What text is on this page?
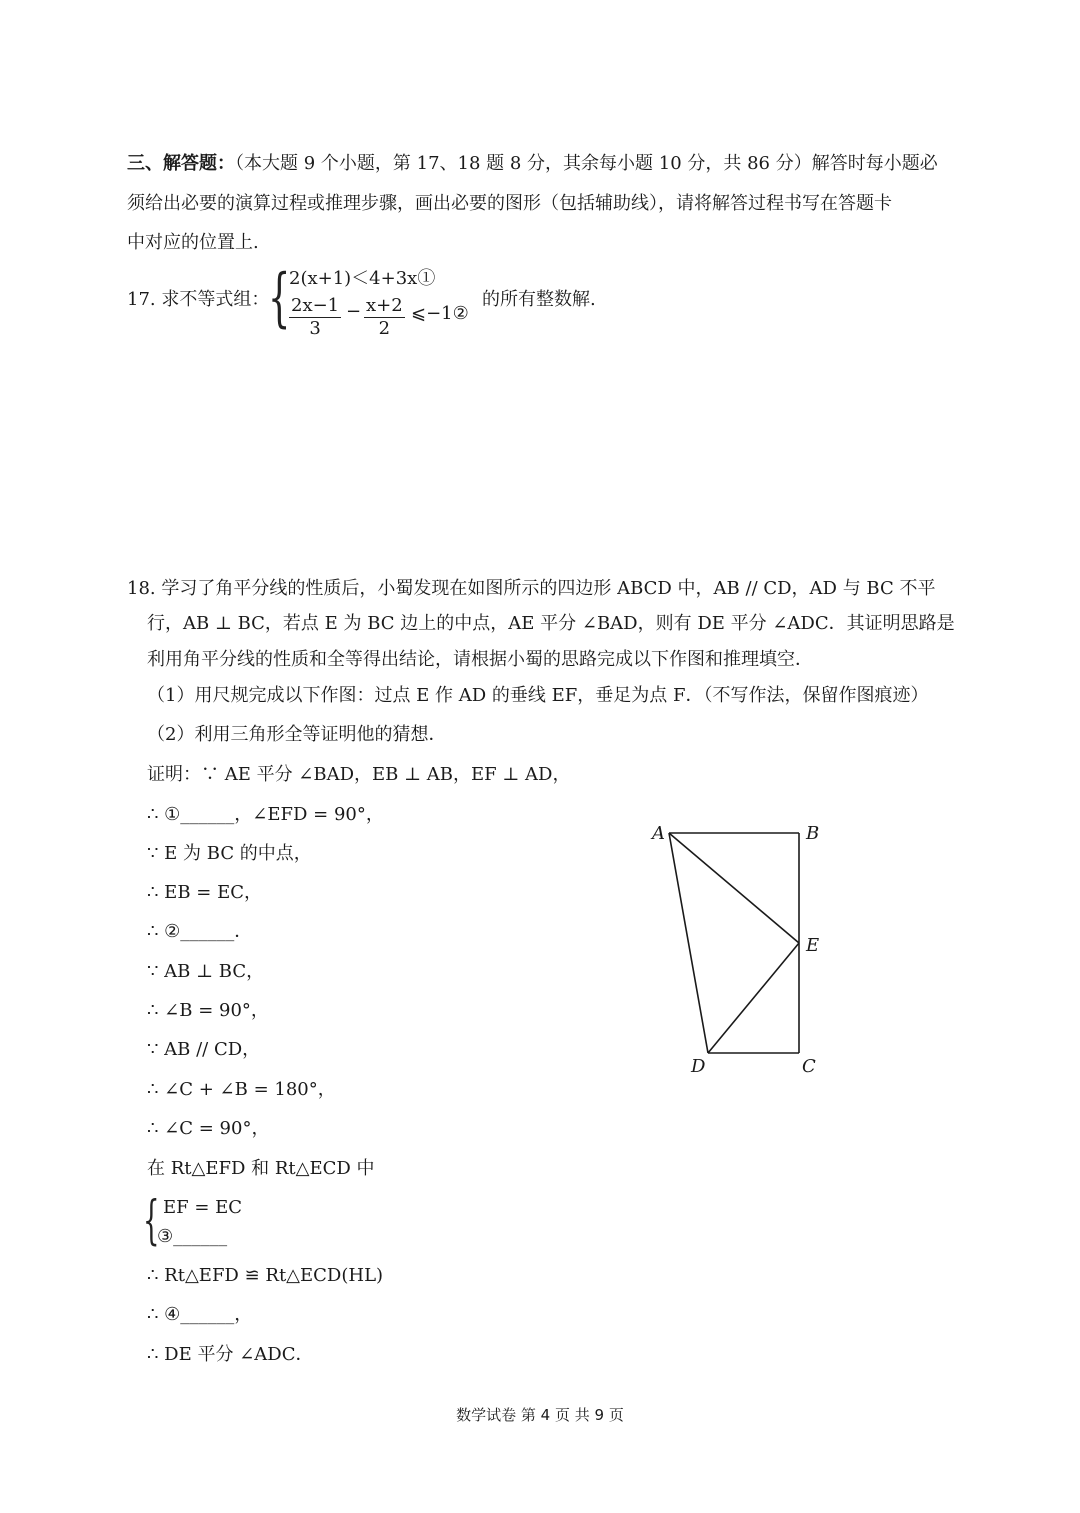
三、解答题：（本大题 9 个小题，第 17、18 题 8 分，其余每小题 10 分，共 86 分）解答时每小题必
须给出必要的演算过程或推理步骤，画出必要的图形（包括辅助线），请将解答过程书写在答题卡
中对应的位置上.
17. 求不等式组：
{
2(x+1)＜4+3x①
$\frac{2x-1}{3} - \frac{x+2}{2}$ ⩽−1②
的所有整数解.
18. 学习了角平分线的性质后，小蜀发现在如图所示的四边形 ABCD 中，AB // CD，AD 与 BC 不平
行，AB ⊥ BC，若点 E 为 BC 边上的中点，AE 平分 ∠BAD，则有 DE 平分 ∠ADC．其证明思路是
利用角平分线的性质和全等得出结论，请根据小蜀的思路完成以下作图和推理填空．
（1）用尺规完成以下作图：过点 E 作 AD 的垂线 EF，垂足为点 F．（不写作法，保留作图痕迹）
（2）利用三角形全等证明他的猜想．
证明：∵ AE 平分 ∠BAD，EB ⊥ AB，EF ⊥ AD，
∴ ①______，∠EFD = 90°，
∵ E 为 BC 的中点，
∴ EB = EC，
∴ ②______．
∵ AB ⊥ BC，
∴ ∠B = 90°，
∵ AB // CD，
∴ ∠C + ∠B = 180°，
∴ ∠C = 90°，
在 Rt△EFD 和 Rt△ECD 中
{ EF = EC
③______
∴ Rt△EFD ≌ Rt△ECD(HL)
∴ ④______，
∴ DE 平分 ∠ADC．
A	B
E
D	C
数学试卷 第 4 页 共 9 页
